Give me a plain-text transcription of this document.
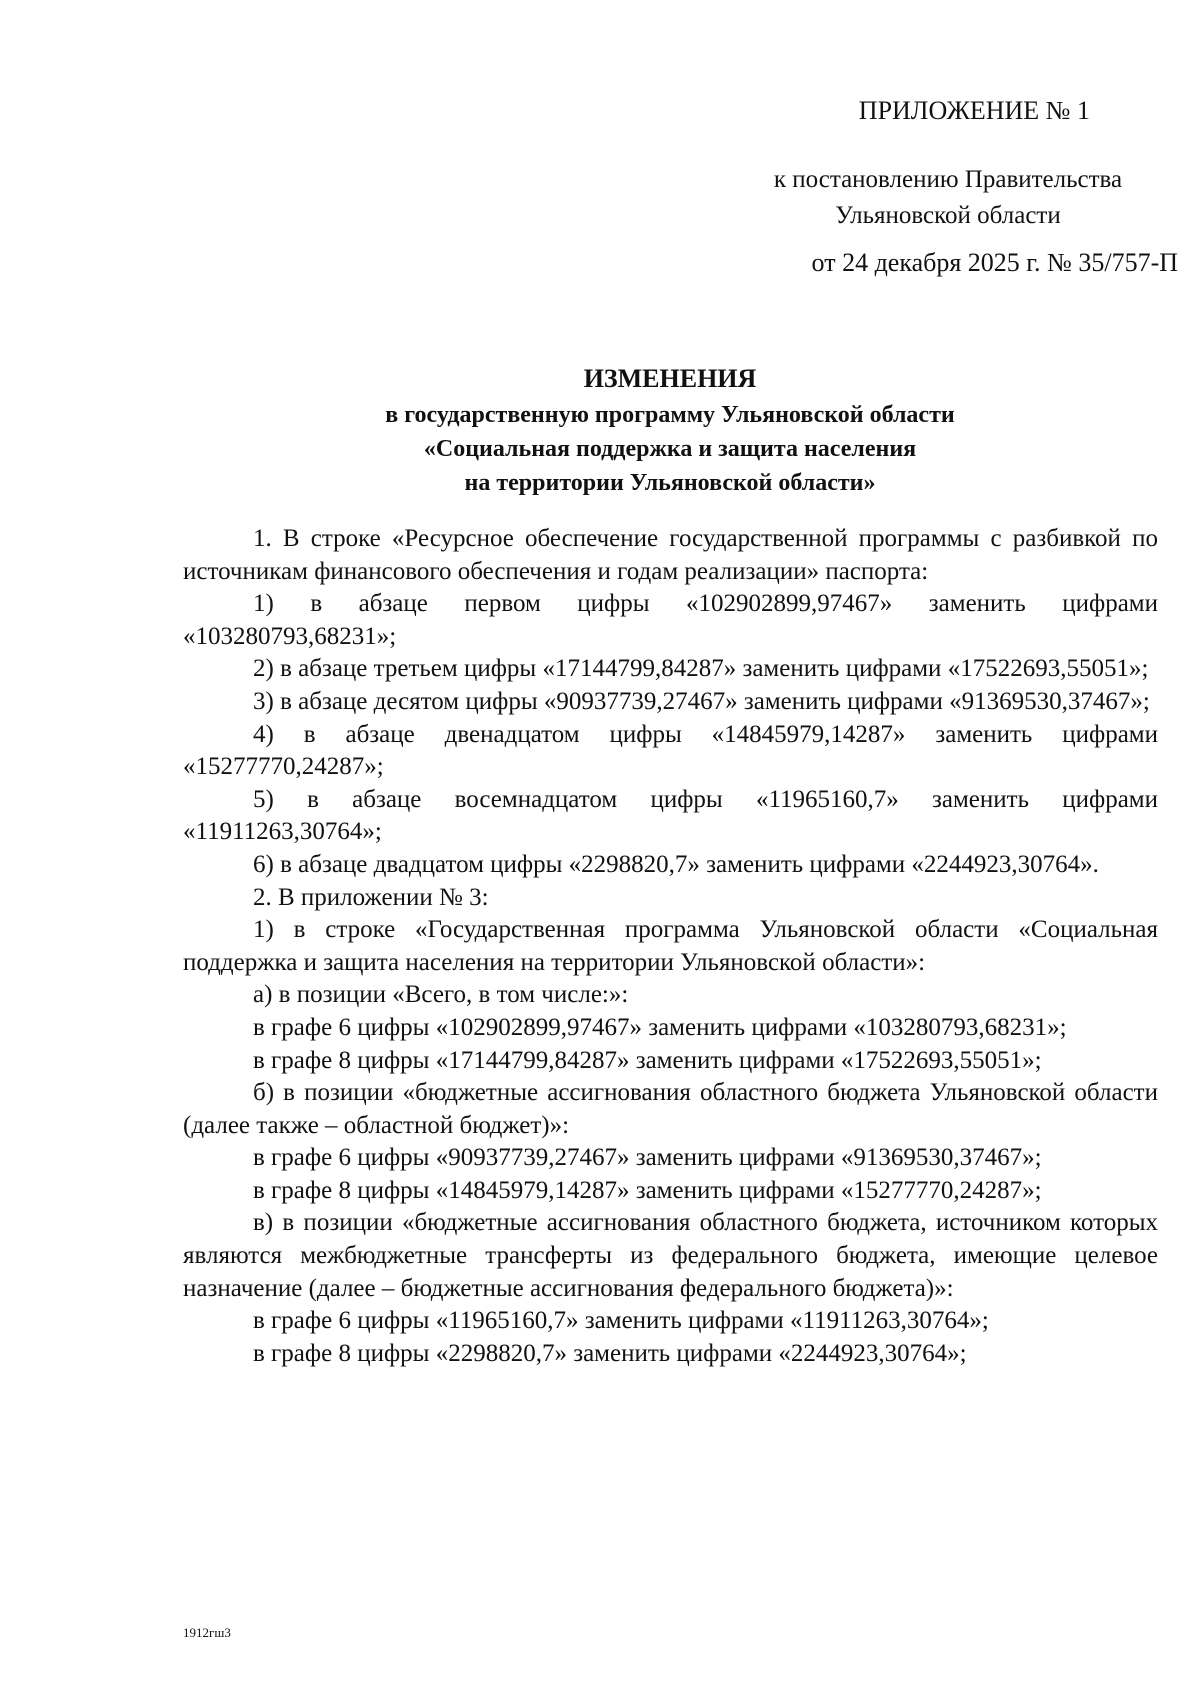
ПРИЛОЖЕНИЕ № 1
к постановлению Правительства
Ульяновской области
от 24 декабря 2025 г. № 35/757-П
ИЗМЕНЕНИЯ
в государственную программу Ульяновской области
«Социальная поддержка и защита населения
на территории Ульяновской области»

1. В строке «Ресурсное обеспечение государственной программы с разбивкой по источникам финансового обеспечения и годам реализации» паспорта:

1) в абзаце первом цифры «102902899,97467» заменить цифрами «103280793,68231»;

2) в абзаце третьем цифры «17144799,84287» заменить цифрами «17522693,55051»;

3) в абзаце десятом цифры «90937739,27467» заменить цифрами «91369530,37467»;

4) в абзаце двенадцатом цифры «14845979,14287» заменить цифрами «15277770,24287»;

5) в абзаце восемнадцатом цифры «11965160,7» заменить цифрами «11911263,30764»;

6) в абзаце двадцатом цифры «2298820,7» заменить цифрами «2244923,30764».

2. В приложении № 3:

1) в строке «Государственная программа Ульяновской области «Социальная поддержка и защита населения на территории Ульяновской области»:

а) в позиции «Всего, в том числе:»:

в графе 6 цифры «102902899,97467» заменить цифрами «103280793,68231»;

в графе 8 цифры «17144799,84287» заменить цифрами «17522693,55051»;

б) в позиции «бюджетные ассигнования областного бюджета Ульяновской области (далее также – областной бюджет)»:

в графе 6 цифры «90937739,27467» заменить цифрами «91369530,37467»;

в графе 8 цифры «14845979,14287» заменить цифрами «15277770,24287»;

в) в позиции «бюджетные ассигнования областного бюджета, источником которых являются межбюджетные трансферты из федерального бюджета, имеющие целевое назначение (далее – бюджетные ассигнования федерального бюджета)»:

в графе 6 цифры «11965160,7» заменить цифрами «11911263,30764»;

в графе 8 цифры «2298820,7» заменить цифрами «2244923,30764»;

1912гш3
